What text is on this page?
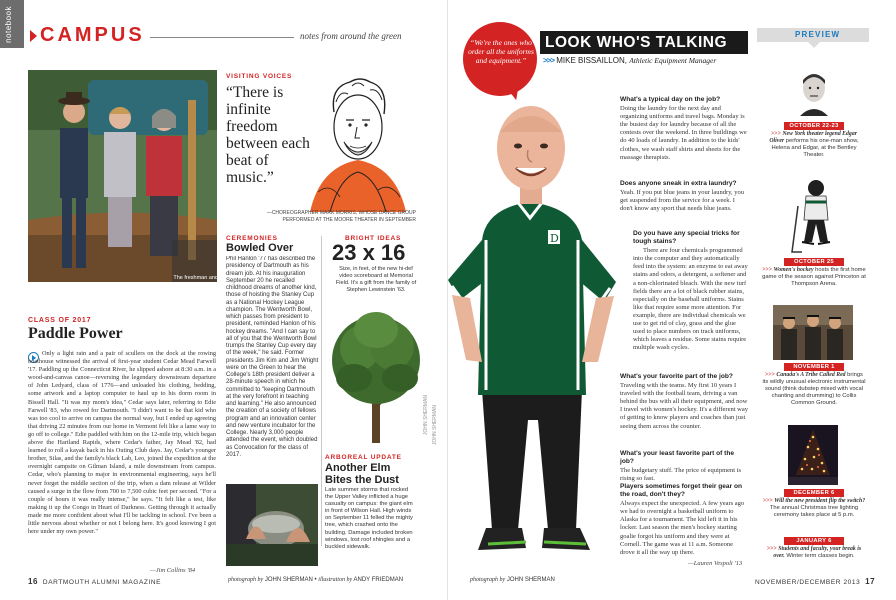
notebook CAMPUS	notes from around the green
The freshman and his family went against the current to get to school.
CLASS OF 2017
Paddle Power
Only a light rain and a pair of scullers on the dock at the rowing boathouse witnessed the arrival of first-year student Cedar Mead Farwell '17. Paddling up the Connecticut River, he slipped ashore at 8:30 a.m. in a wood-and-canvas canoe—reversing the legendary downstream departure of John Ledyard, class of 1776—and unloaded his clothing, bedding, some artwork and a laptop computer to haul up to his dorm room in Bissell Hall. "It was my mom's idea," Cedar says later, referring to Edie Farwell '83, who rowed for Dartmouth. "I didn't want to be that kid who was too cool to arrive on campus the normal way, but I ended up agreeing that driving 22 minutes from our home in Vermont felt like a lame way to go off to college." Edie paddled with him on the 12-mile trip, which began above the Hartland Rapids, where Cedar's father, Jay Mead '82, had learned to roll a kayak back in his Outing Club days. Jay, Cedar's younger brother, Silas, and the family's black Lab, Leo, joined the expedition at the overnight campsite on Gilman Island, a mile downstream from campus. Cedar, who's planning to major in environmental engineering, says he'll never forget the middle section of the trip, when a dam release at Wilder caused a surge in the flow from 700 to 7,500 cubic feet per second. "For a couple of hours it was really intense," he says. "It felt like a test, like making it up the Congo in Heart of Darkness. Getting through it actually made me more confident about what I'll be tackling in school. I've been a little nervous about whether or not I belong here. It's good knowing I got here under my own power."
—Jim Collins '84
VISITING VOICES
“There is infinite freedom between each beat of music.”
—CHOREOGRAPHER MARK MORRIS, WHOSE DANCE GROUP PERFORMED AT THE MOORE THEATER IN SEPTEMBER
CEREMONIES
Bowled Over
Phil Hanlon '77 has described the presidency of Dartmouth as his dream job. At his inauguration September 20 he recalled childhood dreams of another kind, those of hoisting the Stanley Cup as a National Hockey League champion. The Wentworth Bowl, which passes from president to president, reminded Hanlon of his hockey dreams. "And I can say to all of you that the Wentworth Bowl trumps the Stanley Cup every day of the week," he said. Former presidents Jim Kim and Jim Wright were on the Green to hear the College's 18th president deliver a 28-minute speech in which he committed to "keeping Dartmouth at the very forefront in teaching and learning." He also announced the creation of a society of fellows program and an innovation center and new venture incubator for the College. Nearly 3,000 people attended the event, which doubled as Convocation for the class of 2017.
BRIGHT IDEAS
23 x 16
Size, in feet, of the new hi-def video scoreboard at Memorial Field. It's a gift from the family of Stephen Lewinstein '63.
ARBOREAL UPDATE
Another Elm Bites the Dust
Late summer storms that rocked the Upper Valley inflicted a huge casualty on campus: the giant elm in front of Wilson Hall. High winds on September 11 felled the mighty tree, which crashed onto the building. Damage included broken windows, lost roof shingles and a buckled sidewalk.
16 DARTMOUTH ALUMNI MAGAZINE	photograph by JOHN SHERMAN • illustration by ANDY FRIEDMAN
JOHN SHERMAN
“We're the ones who order all the uniforms and equipment.”
LOOK WHO'S TALKING
>>> MIKE BISSAILLON, Athletic Equipment Manager
D
JOHN SHERMAN
What's a typical day on the job?
Doing the laundry for the next day and organizing uniforms and travel bags. Monday is the busiest day for laundry because of all the contests over the weekend. In three buildings we do 40 loads of laundry. In addition to the kids' clothes, we wash staff shirts and sheets for the massage therapists.
Does anyone sneak in extra laundry?
Yeah. If you put blue jeans in your laundry, you get suspended from the service for a week. I don't know any sport that needs blue jeans.
Do you have any special tricks for tough stains?
There are four chemicals programmed into the computer and they automatically feed into the system: an enzyme to eat away stains and odors, a detergent, a softener and a non-chlorinated bleach. With the new turf fields there are a lot of black rubber stains, especially on the baseball uniforms. Stains like that require some more attention. For example, there are individual chemicals we use to get rid of clay, grass and the glue used to place numbers on track uniforms, which leaves a residue. Some stains require multiple wash cycles.
What's your favorite part of the job?
Traveling with the teams. My first 10 years I traveled with the football team, driving a van behind the bus with all their equipment, and now I travel with women's hockey. It's a different way of getting to know players and coaches than just seeing them across the counter.
What's your least favorite part of the job?
The budgetary stuff. The price of equipment is rising so fast.
Players sometimes forget their gear on the road, don't they?
Always expect the unexpected. A few years ago we had to overnight a basketball uniform to Alaska for a tournament. The kid left it in his locker. Last season the men's hockey starting goalie forgot his uniform and they were at Cornell. The game was at 11 a.m. Someone drove it all the way up there.
—Lauren Vespoli '13
PREVIEW
OCTOBER 22-23
>>> New York theater legend Edgar Oliver performs his one-man show, Helena and Edgar, at the Bentley Theater.
OCTOBER 25
>>> Women's hockey hosts the first home game of the season against Princeton at Thompson Arena.
NOVEMBER 1
>>> Canada's A Tribe Called Red brings its wildly unusual electronic instrumental sound (think dubstep mixed with vocal chanting and drumming) to Collis Common Ground.
DECEMBER 6
>>> Will the new president flip the switch? The annual Christmas tree lighting ceremony takes place at 5 p.m.
JANUARY 6
>>> Students and faculty, your break is over. Winter term classes begin.
photograph by JOHN SHERMAN	NOVEMBER/DECEMBER 2013 17
